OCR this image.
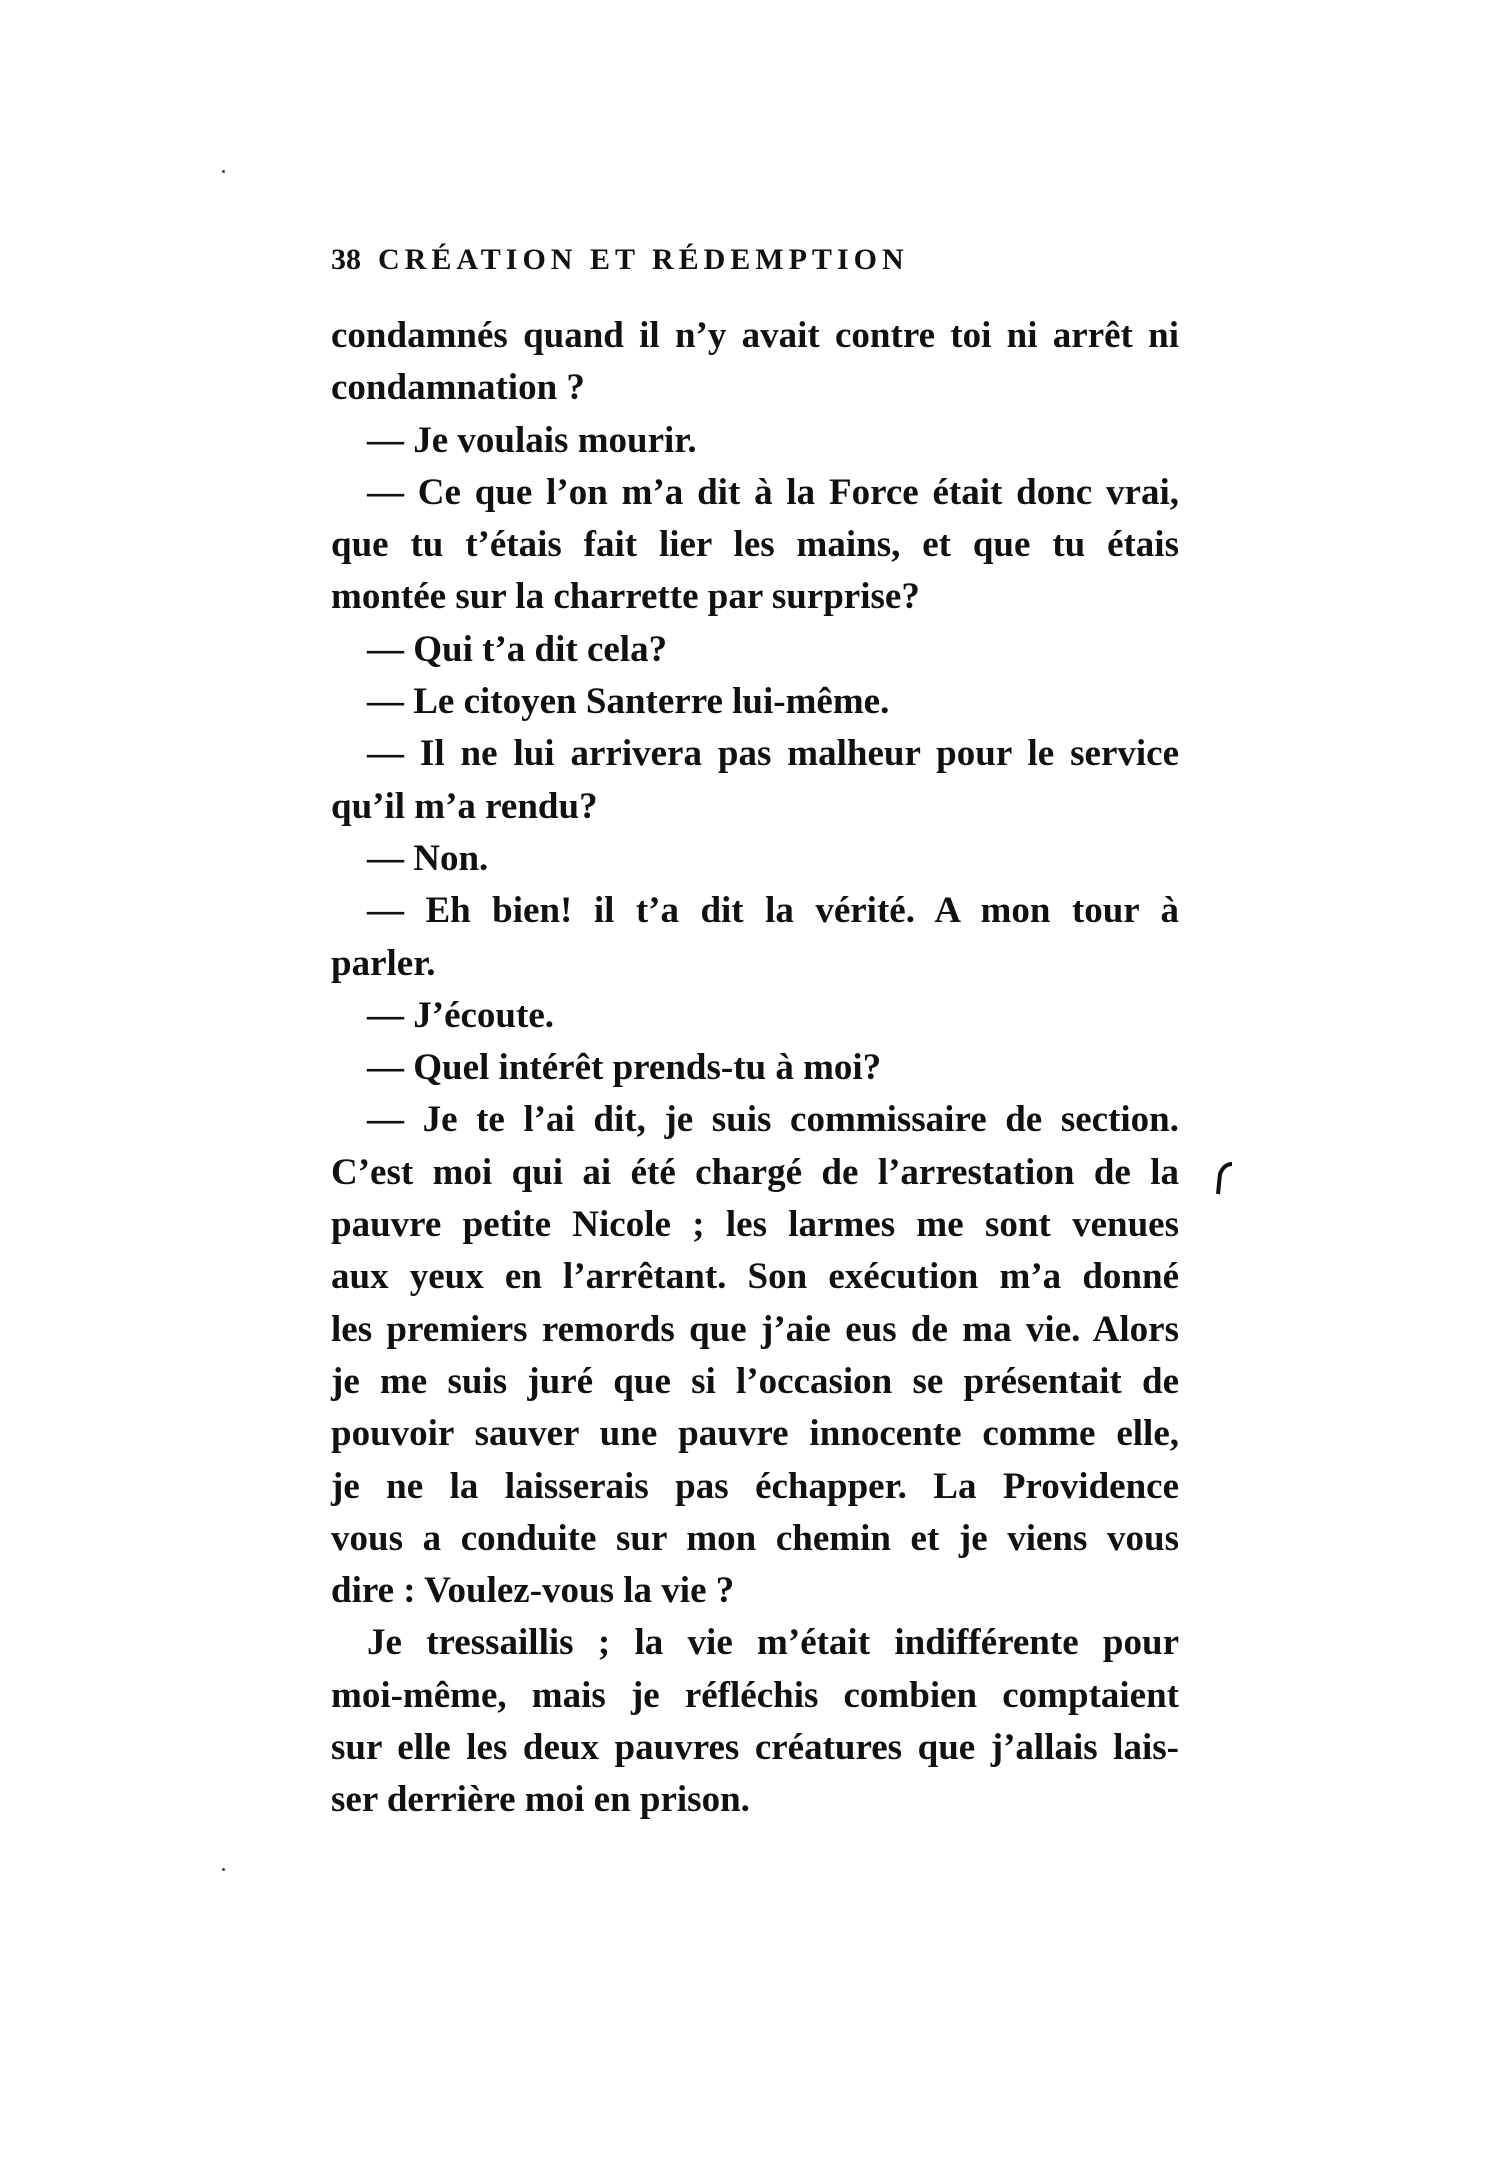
38 CRÉATION ET RÉDEMPTION
condamnés quand il n’y avait contre toi ni arrêt ni
condamnation ?
— Je voulais mourir.
— Ce que l’on m’a dit à la Force était donc vrai,
que tu t’étais fait lier les mains, et que tu étais
montée sur la charrette par surprise?
— Qui t’a dit cela?
— Le citoyen Santerre lui-même.
— Il ne lui arrivera pas malheur pour le service
qu’il m’a rendu?
— Non.
— Eh bien! il t’a dit la vérité. A mon tour à
parler.
— J’écoute.
— Quel intérêt prends-tu à moi?
— Je te l’ai dit, je suis commissaire de section.
C’est moi qui ai été chargé de l’arrestation de la
pauvre petite Nicole ; les larmes me sont venues
aux yeux en l’arrêtant. Son exécution m’a donné
les premiers remords que j’aie eus de ma vie. Alors
je me suis juré que si l’occasion se présentait de
pouvoir sauver une pauvre innocente comme elle,
je ne la laisserais pas échapper. La Providence
vous a conduite sur mon chemin et je viens vous
dire : Voulez-vous la vie ?
Je tressaillis ; la vie m’était indifférente pour
moi-même, mais je réfléchis combien comptaient
sur elle les deux pauvres créatures que j’allais lais-
ser derrière moi en prison.
